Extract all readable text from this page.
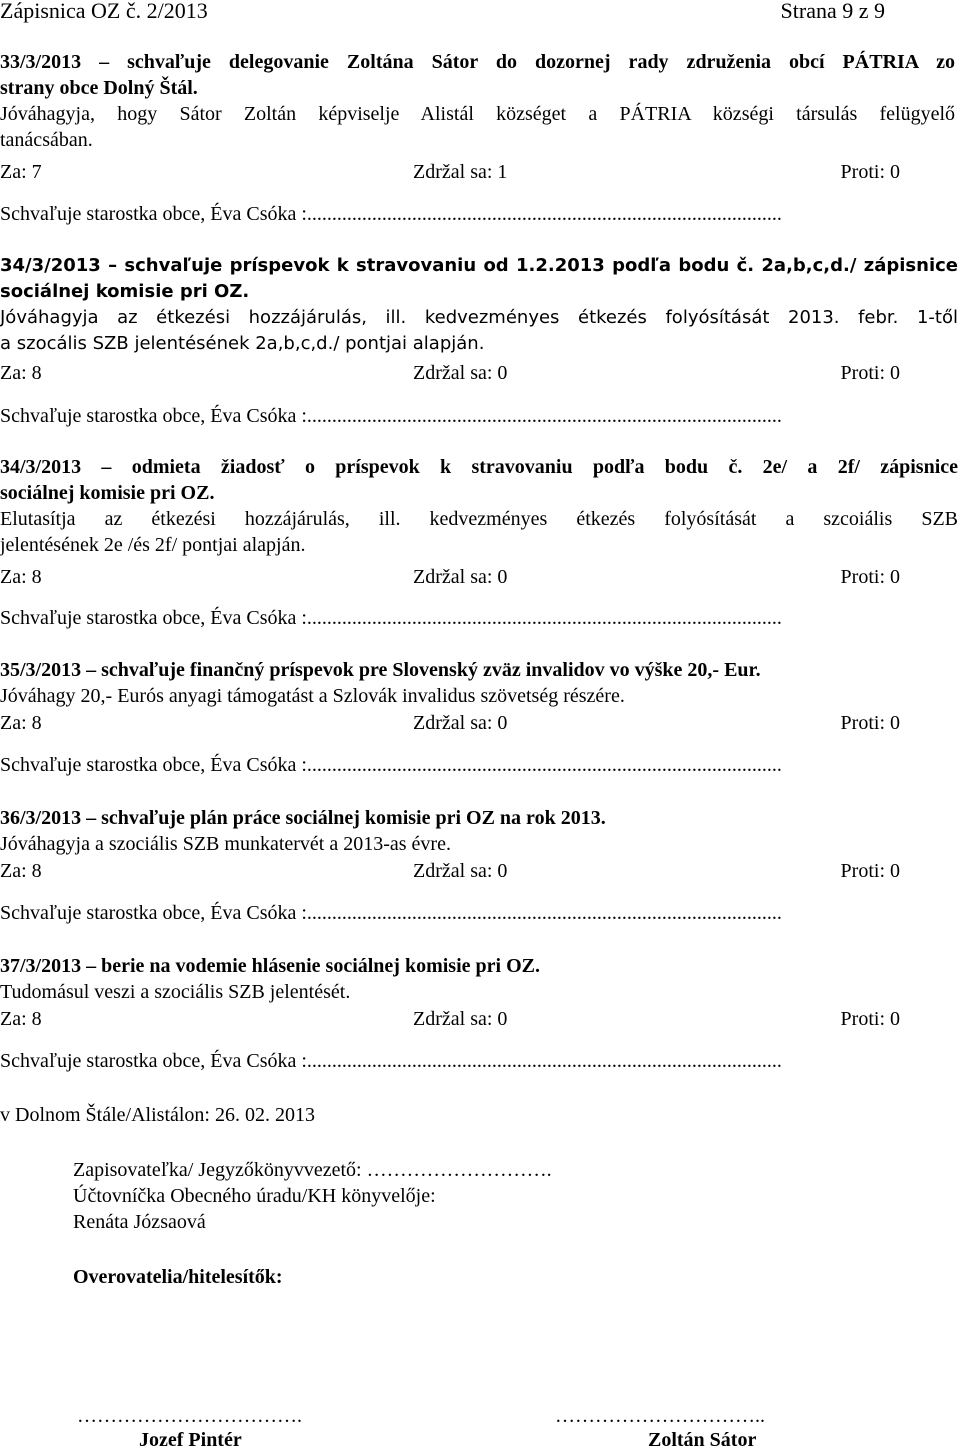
Zápisnica OZ č. 2/2013	Strana 9 z 9
33/3/2013 – schvaľuje delegovanie Zoltána Sátor do dozornej rady združenia obcí PÁTRIA zo
strany obce Dolný Štál.
Jóváhagyja, hogy Sátor Zoltán képviselje Alistál községet a PÁTRIA községi társulás felügyelő
tanácsában.
Za: 7	Zdržal sa: 1	Proti: 0
Schvaľuje starostka obce, Éva Csóka :...............................................................................................
34/3/2013 – schvaľuje príspevok k stravovaniu od 1.2.2013 podľa bodu č. 2a,b,c,d./ zápisnice
sociálnej komisie pri OZ.
Jóváhagyja az étkezési hozzájárulás, ill. kedvezményes étkezés folyósítását 2013. febr. 1-től
a szocális SZB jelentésének 2a,b,c,d./ pontjai alapján.
Za: 8	Zdržal sa: 0	Proti: 0
Schvaľuje starostka obce, Éva Csóka :...............................................................................................
34/3/2013 – odmieta žiadosť o príspevok k stravovaniu podľa bodu č. 2e/ a 2f/ zápisnice
sociálnej komisie pri OZ.
Elutasítja az étkezési hozzájárulás, ill. kedvezményes étkezés folyósítását a szcoiális SZB
jelentésének 2e /és 2f/ pontjai alapján.
Za: 8	Zdržal sa: 0	Proti: 0
Schvaľuje starostka obce, Éva Csóka :...............................................................................................
35/3/2013 – schvaľuje finančný príspevok pre Slovenský zväz invalidov vo výške 20,- Eur.
Jóváhagy 20,- Eurós anyagi támogatást a Szlovák invalidus szövetség részére.
Za: 8	Zdržal sa: 0	Proti: 0
Schvaľuje starostka obce, Éva Csóka :...............................................................................................
36/3/2013 – schvaľuje plán práce sociálnej komisie pri OZ na rok 2013.
Jóváhagyja a szociális SZB munkatervét a 2013-as évre.
Za: 8	Zdržal sa: 0	Proti: 0
Schvaľuje starostka obce, Éva Csóka :...............................................................................................
37/3/2013 – berie na vodemie hlásenie sociálnej komisie pri OZ.
Tudomásul veszi a szociális SZB jelentését.
Za: 8	Zdržal sa: 0	Proti: 0
Schvaľuje starostka obce, Éva Csóka :...............................................................................................
v Dolnom Štále/Alistálon: 26. 02. 2013
Zapisovateľka/ Jegyzőkönyvvezető: ……………………….
Účtovníčka Obecného úradu/KH könyvelője:
Renáta Józsaová
Overovatelia/hitelesítők:
…………………………….	…………………………..
Jozef Pintér	Zoltán Sátor
